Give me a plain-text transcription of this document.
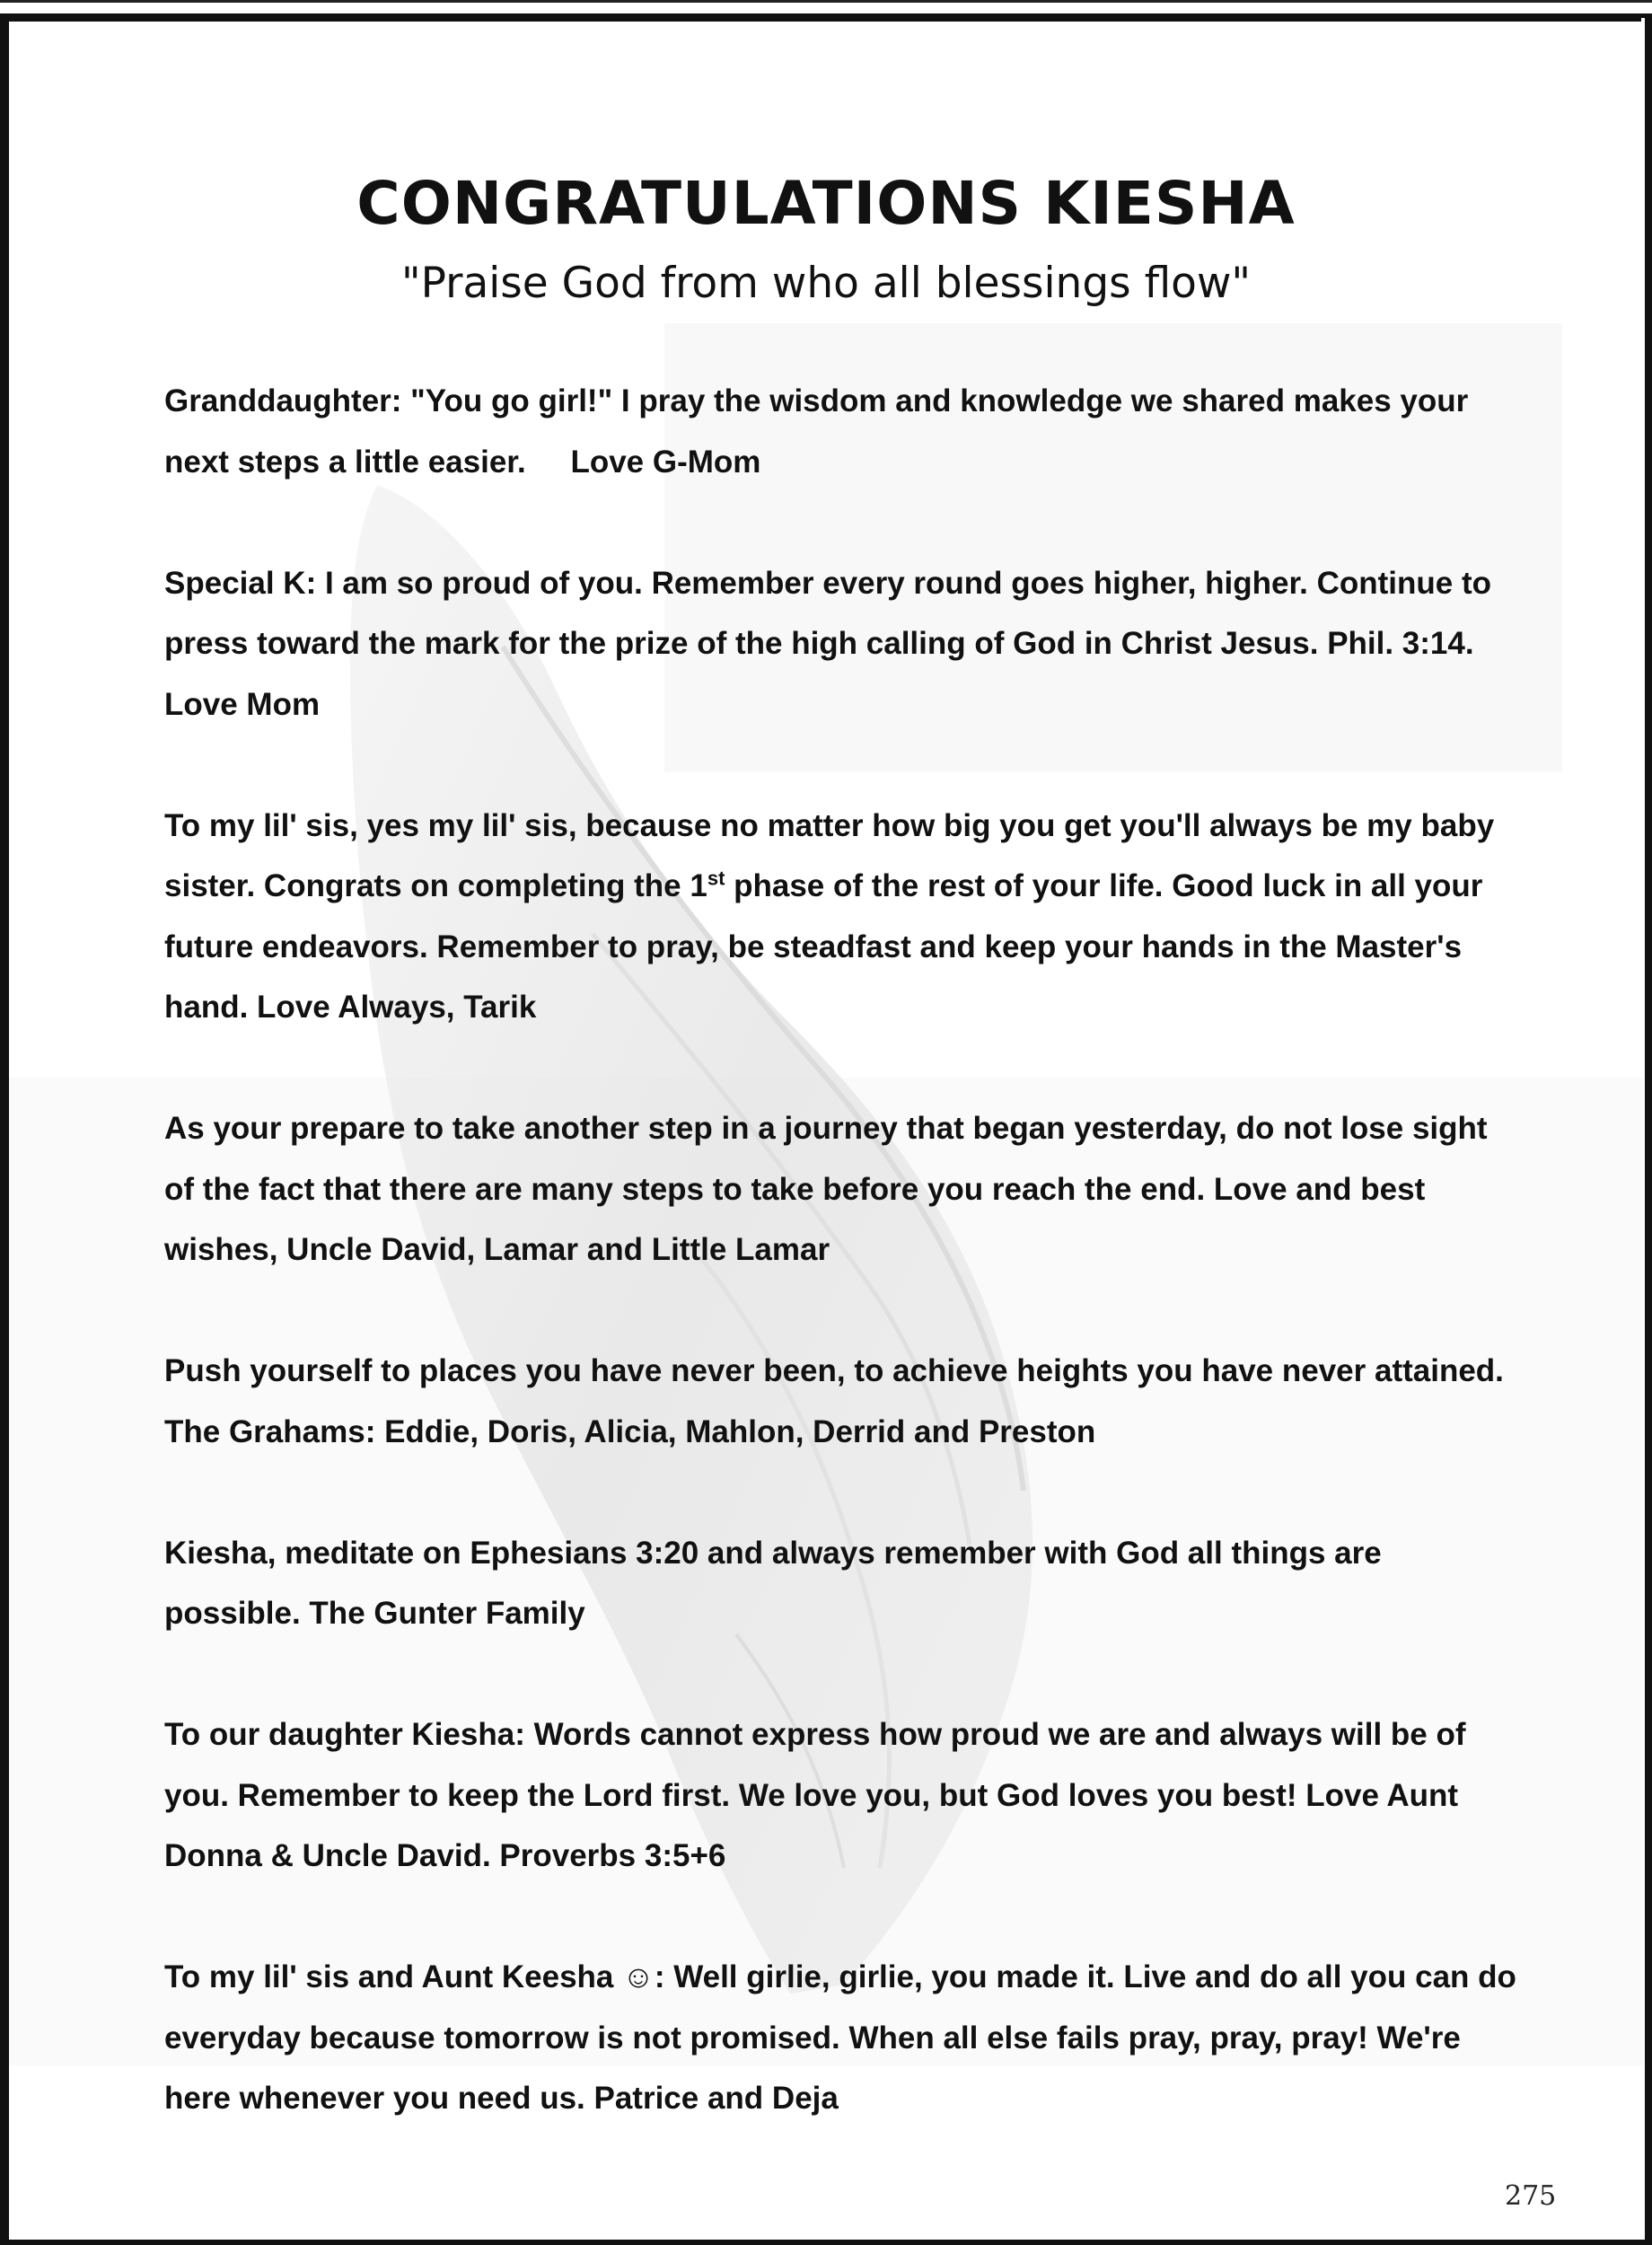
CONGRATULATIONS KIESHA
"Praise God from who all blessings flow"

Granddaughter: "You go girl!" I pray the wisdom and knowledge we shared makes your next steps a little easier. Love G-Mom

Special K: I am so proud of you. Remember every round goes higher, higher. Continue to press toward the mark for the prize of the high calling of God in Christ Jesus. Phil. 3:14. Love Mom

To my lil' sis, yes my lil' sis, because no matter how big you get you'll always be my baby sister. Congrats on completing the 1st phase of the rest of your life. Good luck in all your future endeavors. Remember to pray, be steadfast and keep your hands in the Master's hand. Love Always, Tarik

As your prepare to take another step in a journey that began yesterday, do not lose sight of the fact that there are many steps to take before you reach the end. Love and best wishes, Uncle David, Lamar and Little Lamar

Push yourself to places you have never been, to achieve heights you have never attained. The Grahams: Eddie, Doris, Alicia, Mahlon, Derrid and Preston

Kiesha, meditate on Ephesians 3:20 and always remember with God all things are possible. The Gunter Family

To our daughter Kiesha: Words cannot express how proud we are and always will be of you. Remember to keep the Lord first. We love you, but God loves you best! Love Aunt Donna & Uncle David. Proverbs 3:5+6

To my lil' sis and Aunt Keesha ☺: Well girlie, girlie, you made it. Live and do all you can do everyday because tomorrow is not promised. When all else fails pray, pray, pray! We're here whenever you need us. Patrice and Deja

275
